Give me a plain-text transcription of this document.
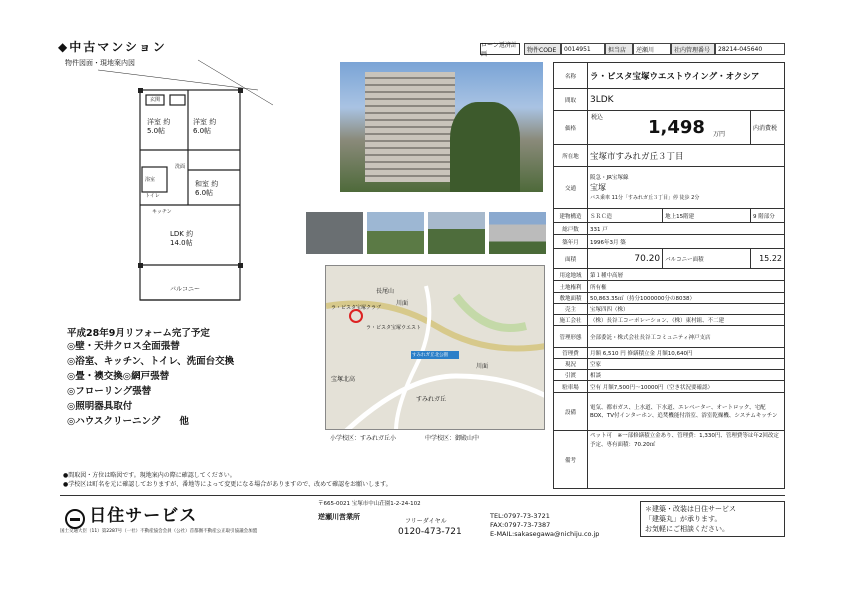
◆中古マンション	ローン返済計画
物件CODE	0014951	担当店	逆瀬川	社内管理番号	28214-045640
物件図面・現地案内図
洋室 約5.0帖
洋室 約6.0帖
和室 約6.0帖
LDK 約14.0帖
バルコニー
洗面
浴室
トイレ
キッチン
玄関
長尾山
川面
ラ・ビスタ宝塚クラブ
ラ・ビスタ宝塚ウエスト
すみれガ丘北公園
宝塚北高
すみれガ丘
川面
小学校区：すみれガ丘小	中学校区：御殿山中
平成28年9月リフォーム完了予定
◎壁・天井クロス全面張替
◎浴室、キッチン、トイレ、洗面台交換
◎畳・襖交換◎網戸張替
◎フローリング張替
◎照明器具取付
◎ハウスクリーニング　　他
●間取図・方位は略図です。現地案内の際に確認してください。
●学校区は町名を元に確認しておりますが、番地等によって変更になる場合がありますので、改めて確認をお願いします。
名称	ラ・ビスタ宝塚ウエストウイング・オクシア		
間取	3LDK		
価格	税込 1,498 万円		内消費税
所在地	宝塚市すみれガ丘３丁目		
交通	阪急・JR宝塚線
宝塚
バス乗車 11分「すみれガ丘３丁目」停 徒歩 2分		

建物構造	ＳＲＣ造	地上15階建	9 階部分
総戸数	331 戸		
築年月	1996年3月 築		
面積	70.20	バルコニー面積	15.22
用途地域	第１種中高層		
土地権利	所有権		
敷地面積	50,863.35㎡（持分1000000分の8038）		
売主	宝塚四四（株）		
施工会社	（株）長谷工コーポレーション、（株）東村組、不二建		
管理形態	全部委託・株式会社長谷工コミュニティ神戸支店		
管理費	月額 6,510 円 修繕積立金 月額10,640円		
現況	空家		
引渡	相談		
駐車場	空有 月額7,500円〜10000円（空き状況要確認）		
設備	電気、都市ガス、上水道、下水道、エレベーター、オートロック、宅配BOX、TV付インターホン、追焚機能付浴室、浴室乾燥機、システムキッチン		
備考	ペット可　※一部修繕積立金あり、管理費：1,330円、管理費等は年2回改定予定、専有面積：70.20㎡		
日住サービス
〒665-0021 宝塚市中山荘園1-2-24-102
逆瀬川営業所
国土交通大臣（11）第2287号（一社）不動産協会会員（公社）首都圏不動産公正取引協議会加盟
フリーダイヤル
0120-473-721
TEL:0797-73-3721
FAX:0797-73-7387
E-MAIL:sakasegawa@nichiju.co.jp
＊建築・改装は日住サービス
「建築丸」が承ります。
お気軽にご相談ください。
